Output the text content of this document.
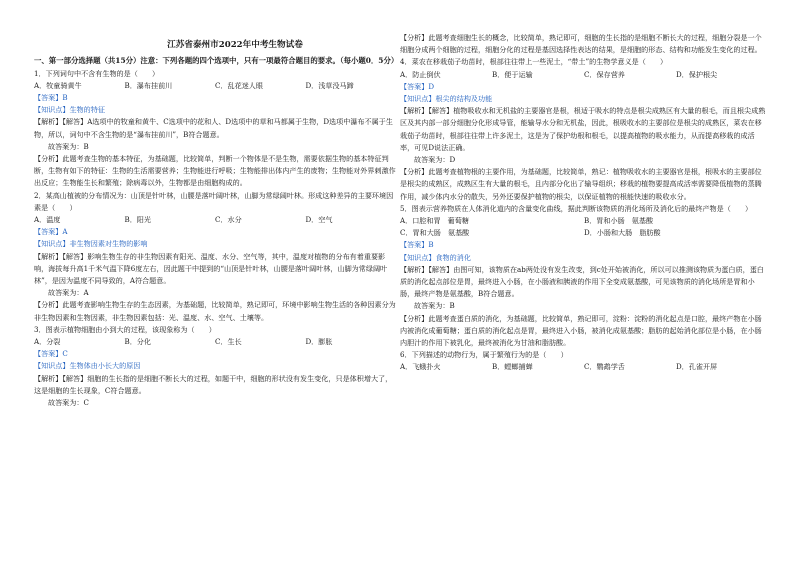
江苏省泰州市2022年中考生物试卷

一、第一部分选择题（共15分）注意：下列各题的四个选项中，只有一项最符合题目的要求。（每小题0．5分）

1．下列词句中不含有生物的是（　　）

A．牧童骑黄牛	B．瀑布挂前川	C．乱花迷人眼	D．浅草没马蹄

【答案】B

【知识点】生物的特征

【解析】【解答】A选项中的牧童和黄牛、C选项中的花和人、D选项中的草和马都属于生物，D选项中瀑布不属于生物，所以，词句中不含生物的是“瀑布挂前川”，B符合题意。

故答案为：B

【分析】此题考查生物的基本特征，为基础题，比较简单，判断一个物体是不是生物，需要依据生物的基本特征判断，生物有如下的特征：生物的生活需要营养；生物能进行呼吸；生物能排出体内产生的废物；生物能对外界刺激作出反应；生物能生长和繁殖；除病毒以外，生物都是由细胞构成的。

2．某高山植被的分布情况为：山顶是针叶林，山腰是落叶阔叶林，山脚为常绿阔叶林。形成这种差异的主要环境因素是（　　）

A．温度	B．阳光	C．水分	D．空气

【答案】A

【知识点】非生物因素对生物的影响

【解析】【解答】影响生物生存的非生物因素有阳光、温度、水分、空气等，其中，温度对植物的分布有着重要影响，海拔每升高1千米气温下降6度左右，因此题干中提到的“山顶是针叶林，山腰是落叶阔叶林，山脚为常绿阔叶林”，是因为温度不同导致的，A符合题意。

故答案为：A

【分析】此题考查影响生物生存的生态因素，为基础题，比较简单，熟记即可，环境中影响生物生活的各种因素分为非生物因素和生物因素，非生物因素包括：光、温度、水、空气、土壤等。

3．图表示植物细胞由小到大的过程，该现象称为（　　）

A．分裂	B．分化	C．生长	D．膨胀

【答案】C

【知识点】生物体由小长大的原因

【解析】【解答】细胞的生长指的是细胞不断长大的过程，如题干中，细胞的形状没有发生变化，只是体积增大了，这是细胞的生长现象，C符合题意。

故答案为：C

【分析】此题考查细胞生长的概念，比较简单，熟记即可，细胞的生长指的是细胞不断长大的过程，细胞分裂是一个细胞分成两个细胞的过程，细胞分化的过程是基因选择性表达的结果，是细胞的形态、结构和功能发生变化的过程。

4．菜农在移栽茄子幼苗时，根部往往带上一些泥土，“带土”的生物学意义是（　　）

A．防止倒伏	B．便于运输	C．保存营养	D．保护根尖

【答案】D

【知识点】根尖的结构及功能

【解析】【解答】植物吸收水和无机盐的主要器官是根，根适于吸水的特点是根尖成熟区有大量的根毛，而且根尖成熟区及其内部一部分细胞分化形成导管，能输导水分和无机盐，因此，根吸收水的主要部位是根尖的成熟区，菜农在移栽茄子幼苗时，根部往往带上许多泥土，这是为了保护幼根和根毛，以提高植物的吸水能力，从而提高移栽的成活率，可见D说法正确。

故答案为：D

【分析】此题考查植物根的主要作用，为基础题，比较简单，熟记：植物吸收水的主要器官是根，根吸水的主要部位是根尖的成熟区，成熟区生有大量的根毛，且内部分化出了输导组织；移栽的植物要提高成活率需要降低植物的蒸腾作用，减少体内水分的散失，另外还要保护植物的根尖，以保证植物的根能快速的吸收水分。

5．图表示营养物质在人体消化道内的含量变化曲线，据此判断该物质的消化场所及消化后的最终产物是（　　）

A．口腔和胃　葡萄糖	B．胃和小肠　氨基酸
C．胃和大肠　氨基酸	D．小肠和大肠　脂肪酸

【答案】B

【知识点】食物的消化

【解析】【解答】由图可知，该物质在ab两处没有发生改变，到c处开始被消化，所以可以推测该物质为蛋白质，蛋白质的消化起点部位是胃，最终进入小肠，在小肠液和胰液的作用下全变成氨基酸，可见该物质的消化场所是胃和小肠，最终产物是氨基酸，B符合题意。

故答案为：B

【分析】此题考查蛋白质的消化，为基础题，比较简单，熟记即可，淀粉：淀粉的消化起点是口腔，最终产物在小肠内被消化成葡萄糖；蛋白质的消化起点是胃，最终进入小肠，被消化成氨基酸；脂肪的起始消化部位是小肠，在小肠内胆汁的作用下被乳化，最终被消化为甘油和脂肪酸。

6．下列描述的动物行为，属于繁殖行为的是（　　）

A．飞蛾扑火	B．螳螂捕蝉	C．鹦鹉学舌	D．孔雀开屏
